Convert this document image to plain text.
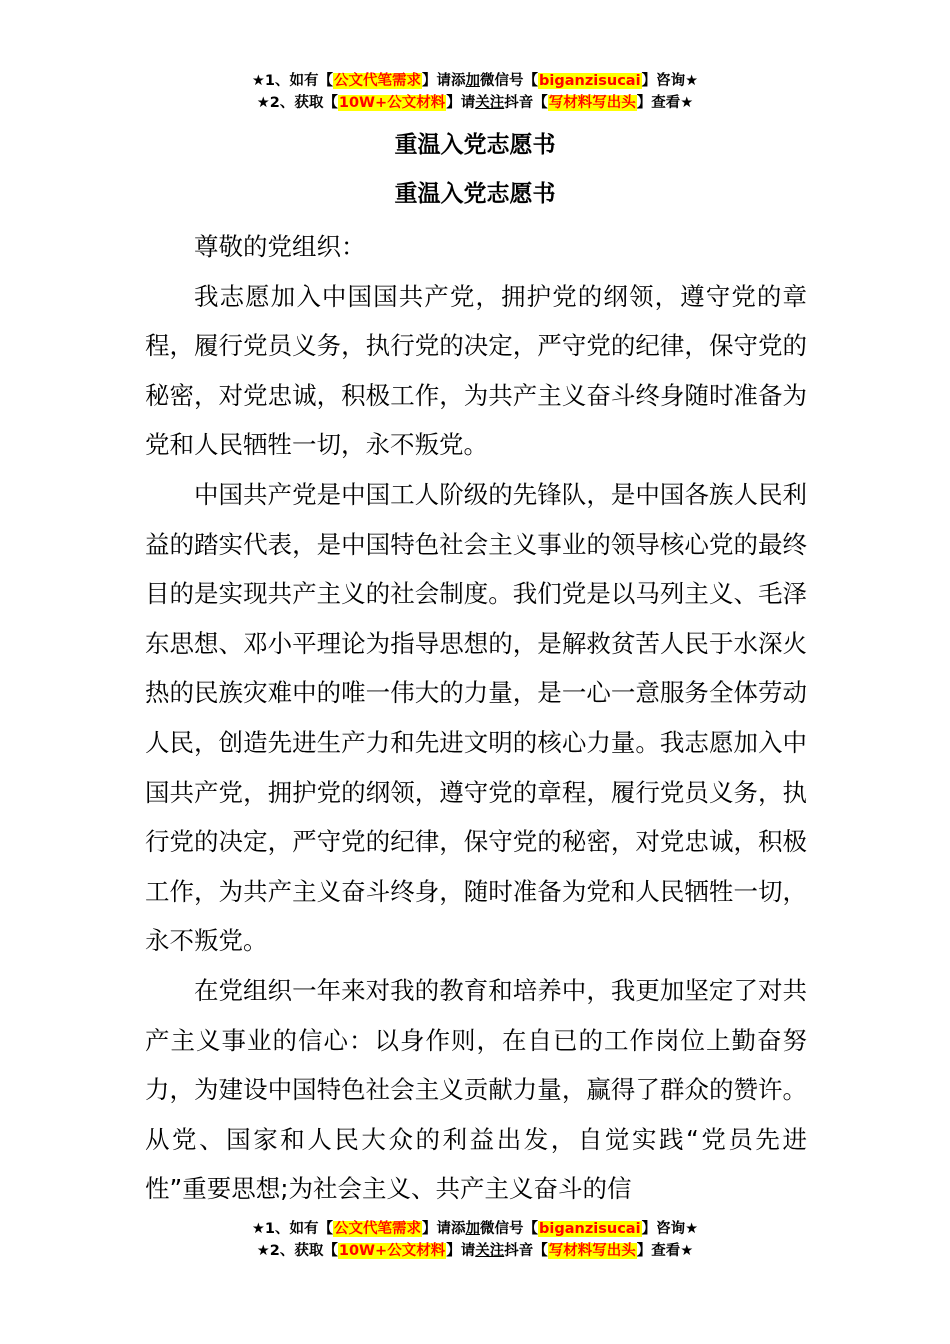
★1、如有【公文代笔需求】请添加微信号【biganzisucai】咨询★
★2、获取【10W+公文材料】请关注抖音【写材料写出头】查看★
重温入党志愿书
重温入党志愿书

尊敬的党组织：

我志愿加入中国国共产党，拥护党的纲领，遵守党的章程，履行党员义务，执行党的决定，严守党的纪律，保守党的秘密，对党忠诚，积极工作，为共产主义奋斗终身随时准备为党和人民牺牲一切，永不叛党。

中国共产党是中国工人阶级的先锋队，是中国各族人民利益的踏实代表，是中国特色社会主义事业的领导核心党的最终目的是实现共产主义的社会制度。我们党是以马列主义、毛泽东思想、邓小平理论为指导思想的，是解救贫苦人民于水深火热的民族灾难中的唯一伟大的力量，是一心一意服务全体劳动人民，创造先进生产力和先进文明的核心力量。我志愿加入中国共产党，拥护党的纲领，遵守党的章程，履行党员义务，执行党的决定，严守党的纪律，保守党的秘密，对党忠诚，积极工作，为共产主义奋斗终身，随时准备为党和人民牺牲一切，永不叛党。

在党组织一年来对我的教育和培养中，我更加坚定了对共产主义事业的信心：以身作则，在自已的工作岗位上勤奋努力，为建设中国特色社会主义贡献力量，赢得了群众的赞许。从党、国家和人民大众的利益出发，自觉实践“党员先进性”重要思想;为社会主义、共产主义奋斗的信

★1、如有【公文代笔需求】请添加微信号【biganzisucai】咨询★
★2、获取【10W+公文材料】请关注抖音【写材料写出头】查看★
